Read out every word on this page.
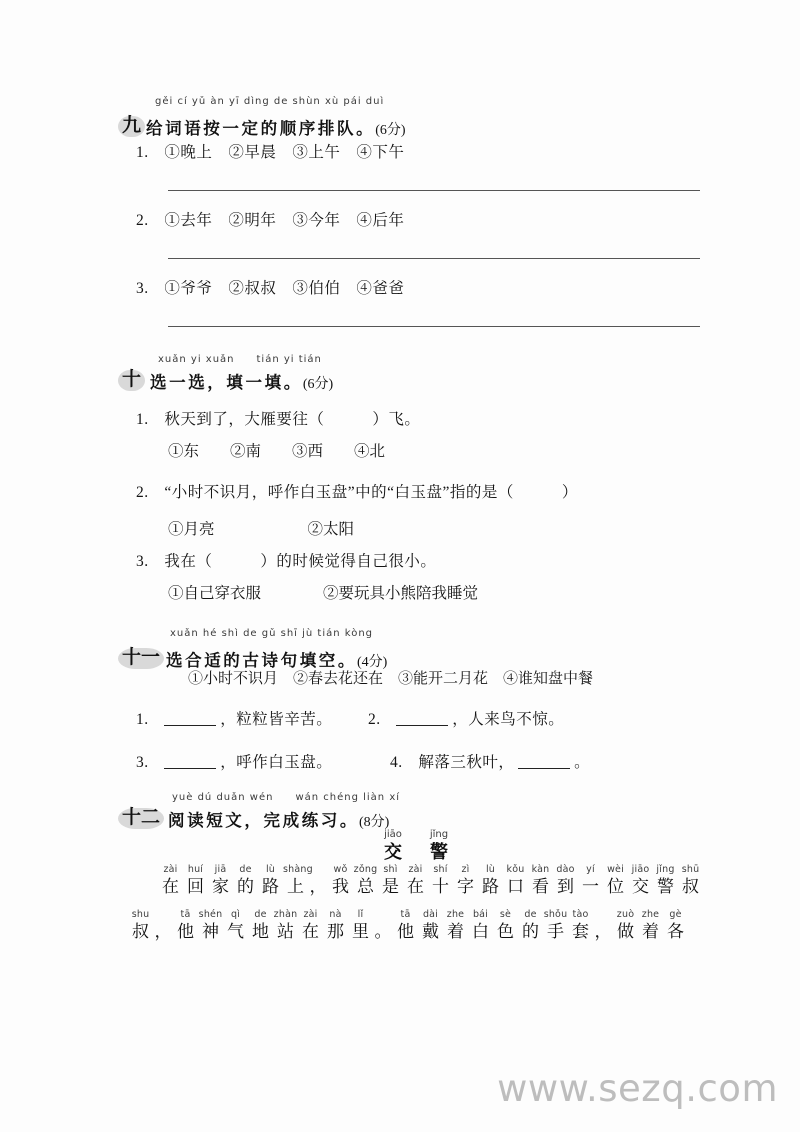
gěi cí yǔ àn yī dìng de shùn xù pái duì
九 给词语按一定的顺序排队。(6分)
1. ①晚上　②早晨　③上午　④下午
2. ①去年　②明年　③今年　④后年
3. ①爷爷　②叔叔　③伯伯　④爸爸
xuǎn yi xuǎn　　tián yi tián
十 选一选，填一填。(6分)
1. 秋天到了，大雁要往（　　　）飞。
①东　　②南　　③西　　④北
2. “小时不识月，呼作白玉盘”中的“白玉盘”指的是（　　　）
①月亮　　　　　　②太阳
3. 我在（　　　）的时候觉得自己很小。
①自己穿衣服　　　　②要玩具小熊陪我睡觉
xuǎn hé shì de gǔ shī jù tián kòng
十一 选合适的古诗句填空。(4分)
①小时不识月　②春去花还在　③能开二月花　④谁知盘中餐
1.	，粒粒皆辛苦。 2.	，人来鸟不惊。
3.	，呼作白玉盘。	4. 解落三秋叶，	。
yuè dú duǎn wén　　wán chéng liàn xí
十二 阅读短文，完成练习。(8分)
jiāo
交
jǐng
警
zài
在
huí
回
jiā
家
de
的
lù
路
shàng
上
，
wǒ
我
zǒng
总
shì
是
zài
在
shí
十
zì
字
lù
路
kǒu
口
kàn
看
dào
到
yí
一
wèi
位
jiāo
交
jǐng
警
shū
叔
shu
叔
，
tā
他
shén
神
qì
气
de
地
zhàn
站
zài
在
nà
那
lǐ
里
。
tā
他
dài
戴
zhe
着
bái
白
sè
色
de
的
shǒu
手
tào
套
，
zuò
做
zhe
着
gè
各
www.sezq.com
